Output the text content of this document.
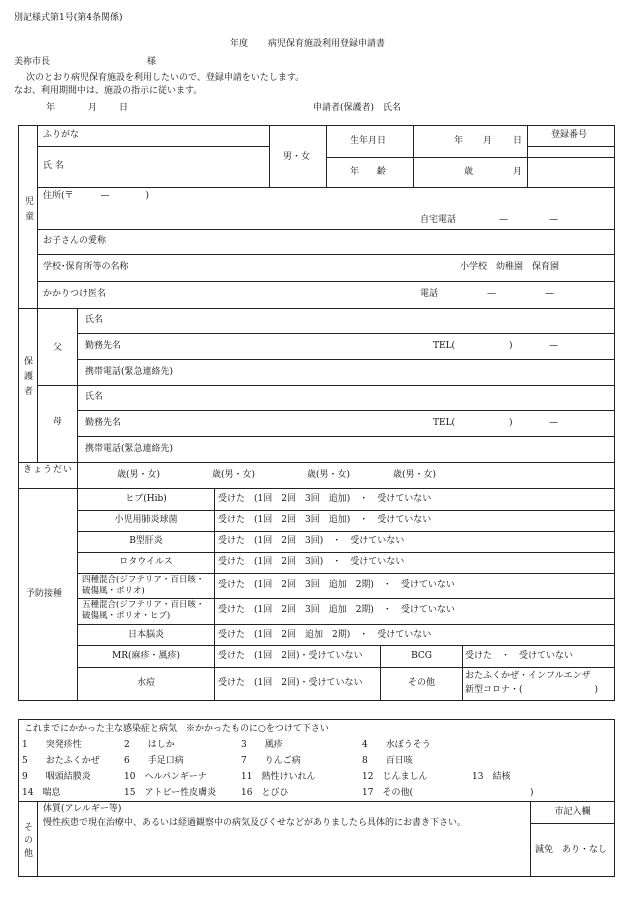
別記様式第1号(第4条関係)
年度 病児保育施設利用登録申請書
美祢市長	様
次のとおり病児保育施設を利用したいので、登録申請をいたします。
なお、利用期間中は、施設の指示に従います。
年	月 日	申請者(保護者)　氏名
児童
ふりがな
氏 名
男・女
生年月日	年 月 日
年　　齢	歳	月
登録番号
住所(〒　　　—　　　　)
自宅電話	—	—
お子さんの愛称
学校･保育所等の名称	小学校　幼稚園　保育園
かかりつけ医名	電話	—	—
保護者
父
母
氏名
勤務先名	TEL(　　　　　　)	—
携帯電話(緊急連絡先)
氏名
勤務先名	TEL(　　　　　　)	—
携帯電話(緊急連絡先)
きょうだい	歳(男・女)	歳(男・女)	歳(男・女)	歳(男・女)
予防接種
ヒブ(Hib)	受けた　(1回　2回　3回　追加)　・　受けていない
小児用肺炎球菌	受けた　(1回　2回　3回　追加)　・　受けていない
B型肝炎	受けた　(1回　2回　3回)　・　受けていない
ロタウイルス	受けた　(1回　2回　3回)　・　受けていない
四種混合(ジフテリア・百日咳・破傷風・ポリオ)
受けた　(1回　2回　3回　追加　2期)　・　受けていない
五種混合(ジフテリア・百日咳・破傷風・ポリオ・ヒブ)
受けた　(1回　2回　3回　追加　2期)　・　受けていない
日本脳炎	受けた　(1回　2回　追加　2期)　・　受けていない
MR(麻疹・風疹)	受けた　(1回　2回)・受けていない	BCG	受けた　・　受けていない
水痘	受けた　(1回　2回)・受けていない	その他
おたふくかぜ・インフルエンザ
新型コロナ・(　　　　　　　　)
これまでにかかった主な感染症と病気　※かかったものに○をつけて下さい
1　　突発疹性	2　　はしか	3　　風疹	4　　水ぼうそう
5　　おたふくかぜ	6　　手足口病	7　　りんご病	8　　百日咳
9　　咽頭結膜炎	10　ヘルパンギーナ	11　熱性けいれん	12　じんましん	13　結核
14　喘息	15　アトピー性皮膚炎	16　とびひ	17　その他(　　　　　　　　　　　　　)
その他
体質(アレルギー等)
慢性疾患で現在治療中、あるいは経過観察中の病気及びくせなどがありましたら具体的にお書き下さい。
市記入欄
減免　あり・なし
